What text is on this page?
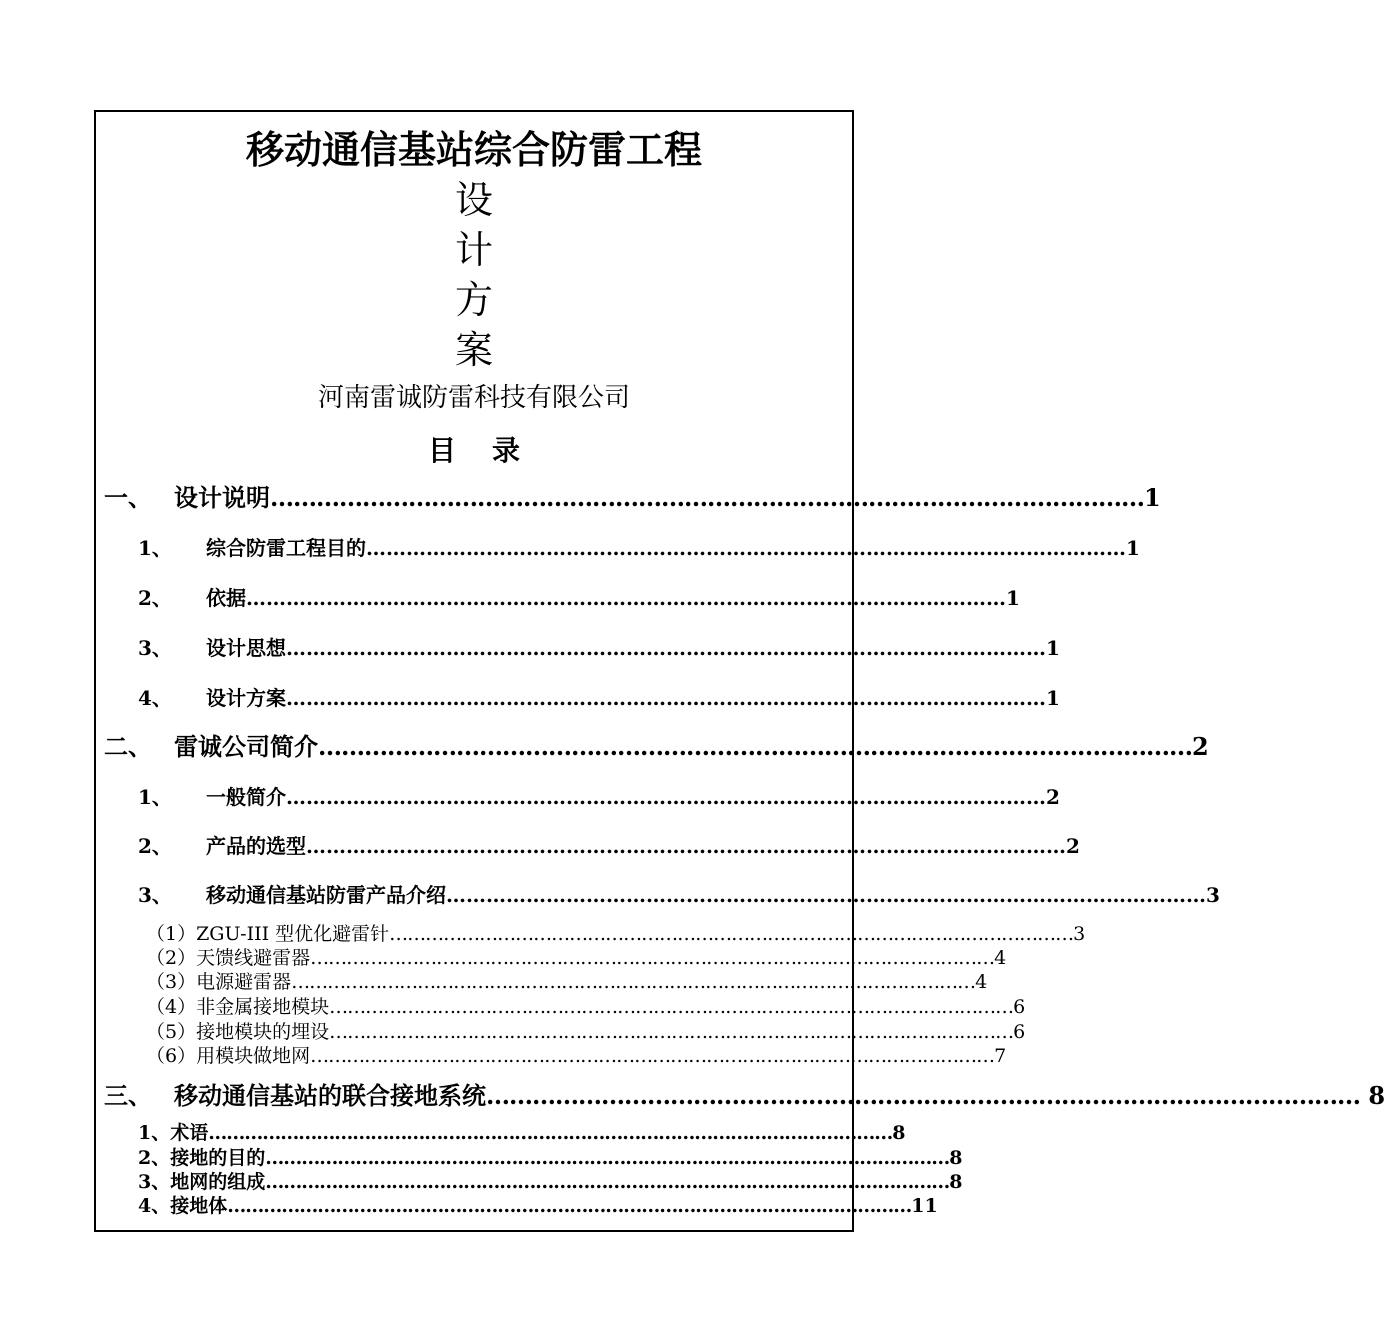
移动通信基站综合防雷工程
设
计
方
案
河南雷诚防雷科技有限公司
目录
一、 设计说明 …………………………………………………………………………………………………… 1
1、	综合防雷工程目的 …………………………………………………………………………………………………… 1
2、	依据 …………………………………………………………………………………………………… 1
3、	设计思想 …………………………………………………………………………………………………… 1
4、	设计方案 …………………………………………………………………………………………………… 1
二、 雷诚公司简介 …………………………………………………………………………………………………… 2
1、	一般简介 …………………………………………………………………………………………………… 2
2、	产品的选型 …………………………………………………………………………………………………… 2
3、	移动通信基站防雷产品介绍 …………………………………………………………………………………………………… 3
（1）ZGU-III 型优化避雷针 …………………………………………………………………………………………………… 3
（2）天馈线避雷器 …………………………………………………………………………………………………… 4
（3）电源避雷器 …………………………………………………………………………………………………… 4
（4）非金属接地模块 …………………………………………………………………………………………………… 6
（5）接地模块的埋设 …………………………………………………………………………………………………… 6
（6）用模块做地网 …………………………………………………………………………………………………… 7
三、 移动通信基站的联合接地系统 …………………………………………………………………………………………………… 8
1、术语 …………………………………………………………………………………………………… 8
2、接地的目的 …………………………………………………………………………………………………… 8
3、地网的组成 …………………………………………………………………………………………………… 8
4、接地体 …………………………………………………………………………………………………… 11
